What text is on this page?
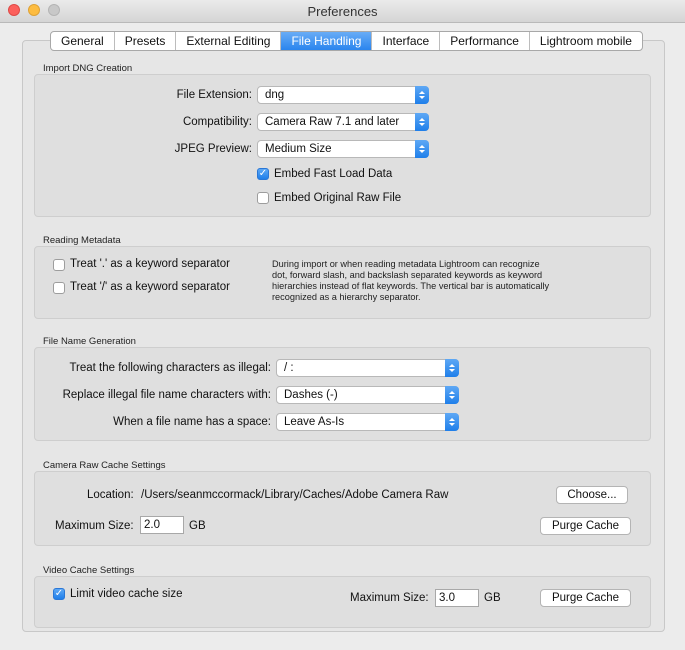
Preferences
General	Presets	External Editing	File Handling	Interface	Performance	Lightroom mobile
Import DNG Creation
File Extension:	dng
Compatibility:	Camera Raw 7.1 and later
JPEG Preview:	Medium Size
✓ Embed Fast Load Data
Embed Original Raw File
Reading Metadata
Treat '.' as a keyword separator
Treat '/' as a keyword separator
During import or when reading metadata Lightroom can recognize
dot, forward slash, and backslash separated keywords as keyword
hierarchies instead of flat keywords. The vertical bar is automatically
recognized as a hierarchy separator.
File Name Generation
Treat the following characters as illegal:	/ :
Replace illegal file name characters with:	Dashes (-)
When a file name has a space:	Leave As-Is
Camera Raw Cache Settings
Location: /Users/seanmccormack/Library/Caches/Adobe Camera Raw	Choose...
Maximum Size: 2.0	GB	Purge Cache
Video Cache Settings
✓ Limit video cache size	Maximum Size: 3.0	GB	Purge Cache
